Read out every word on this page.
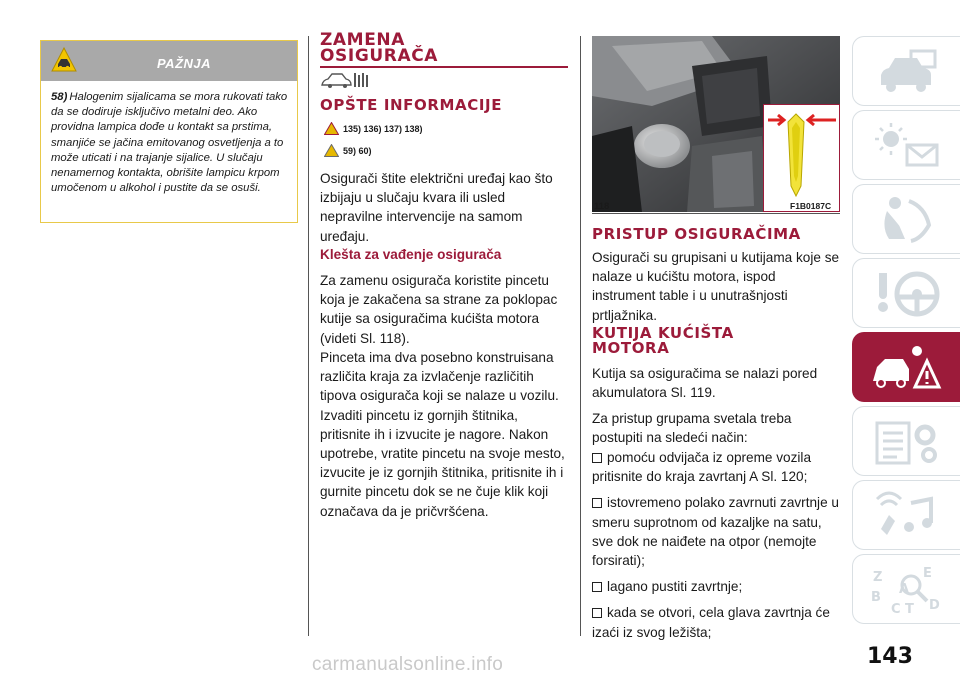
PAŽNJA
58) Halogenim sijalicama se mora rukovati tako da se dodiruje isključivo metalni deo. Ako providna lampica dođe u kontakt sa prstima, smanjiće se jačina emitovanog osvetljenja a to može uticati i na trajanje sijalice. U slučaju nenamernog kontakta, obrišite lampicu krpom umočenom u alkohol i pustite da se osuši.
ZAMENA
OSIGURAČA
OPŠTE INFORMACIJE
135) 136) 137) 138)
59) 60)
Osigurači štite električni uređaj kao što izbijaju u slučaju kvara ili usled nepravilne intervencije na samom uređaju.
Klešta za vađenje osigurača
Za zamenu osigurača koristite pincetu koja je zakačena sa strane za poklopac kutije sa osiguračima kućišta motora (videti Sl. 118).
Pinceta ima dva posebno konstruisana različita kraja za izvlačenje različitih tipova osigurača koji se nalaze u vozilu. Izvaditi pincetu iz gornjih štitnika, pritisnite ih i izvucite je nagore. Nakon upotrebe, vratite pincetu na svoje mesto, izvucite je iz gornjih štitnika, pritisnite ih i gurnite pincetu dok se ne čuje klik koji označava da je pričvršćena.
118	F1B0187C
PRISTUP OSIGURAČIMA
Osigurači su grupisani u kutijama koje se nalaze u kućištu motora, ispod instrument table i u unutrašnjosti prtljažnika.
KUTIJA KUĆIŠTA
MOTORA
Kutija sa osiguračima se nalazi pored akumulatora Sl. 119.
Za pristup grupama svetala treba postupiti na sledeći način:
pomoću odvijača iz opreme vozila pritisnite do kraja zavrtanj A Sl. 120;
istovremeno polako zavrnuti zavrtnje u smeru suprotnom od kazaljke na satu, sve dok ne naiđete na otpor (nemojte forsirati);
lagano pustiti zavrtnje;
kada se otvori, cela glava zavrtnja će izaći iz svog ležišta;
Z	E
B
C T D
A
143
carmanualsonline.info
